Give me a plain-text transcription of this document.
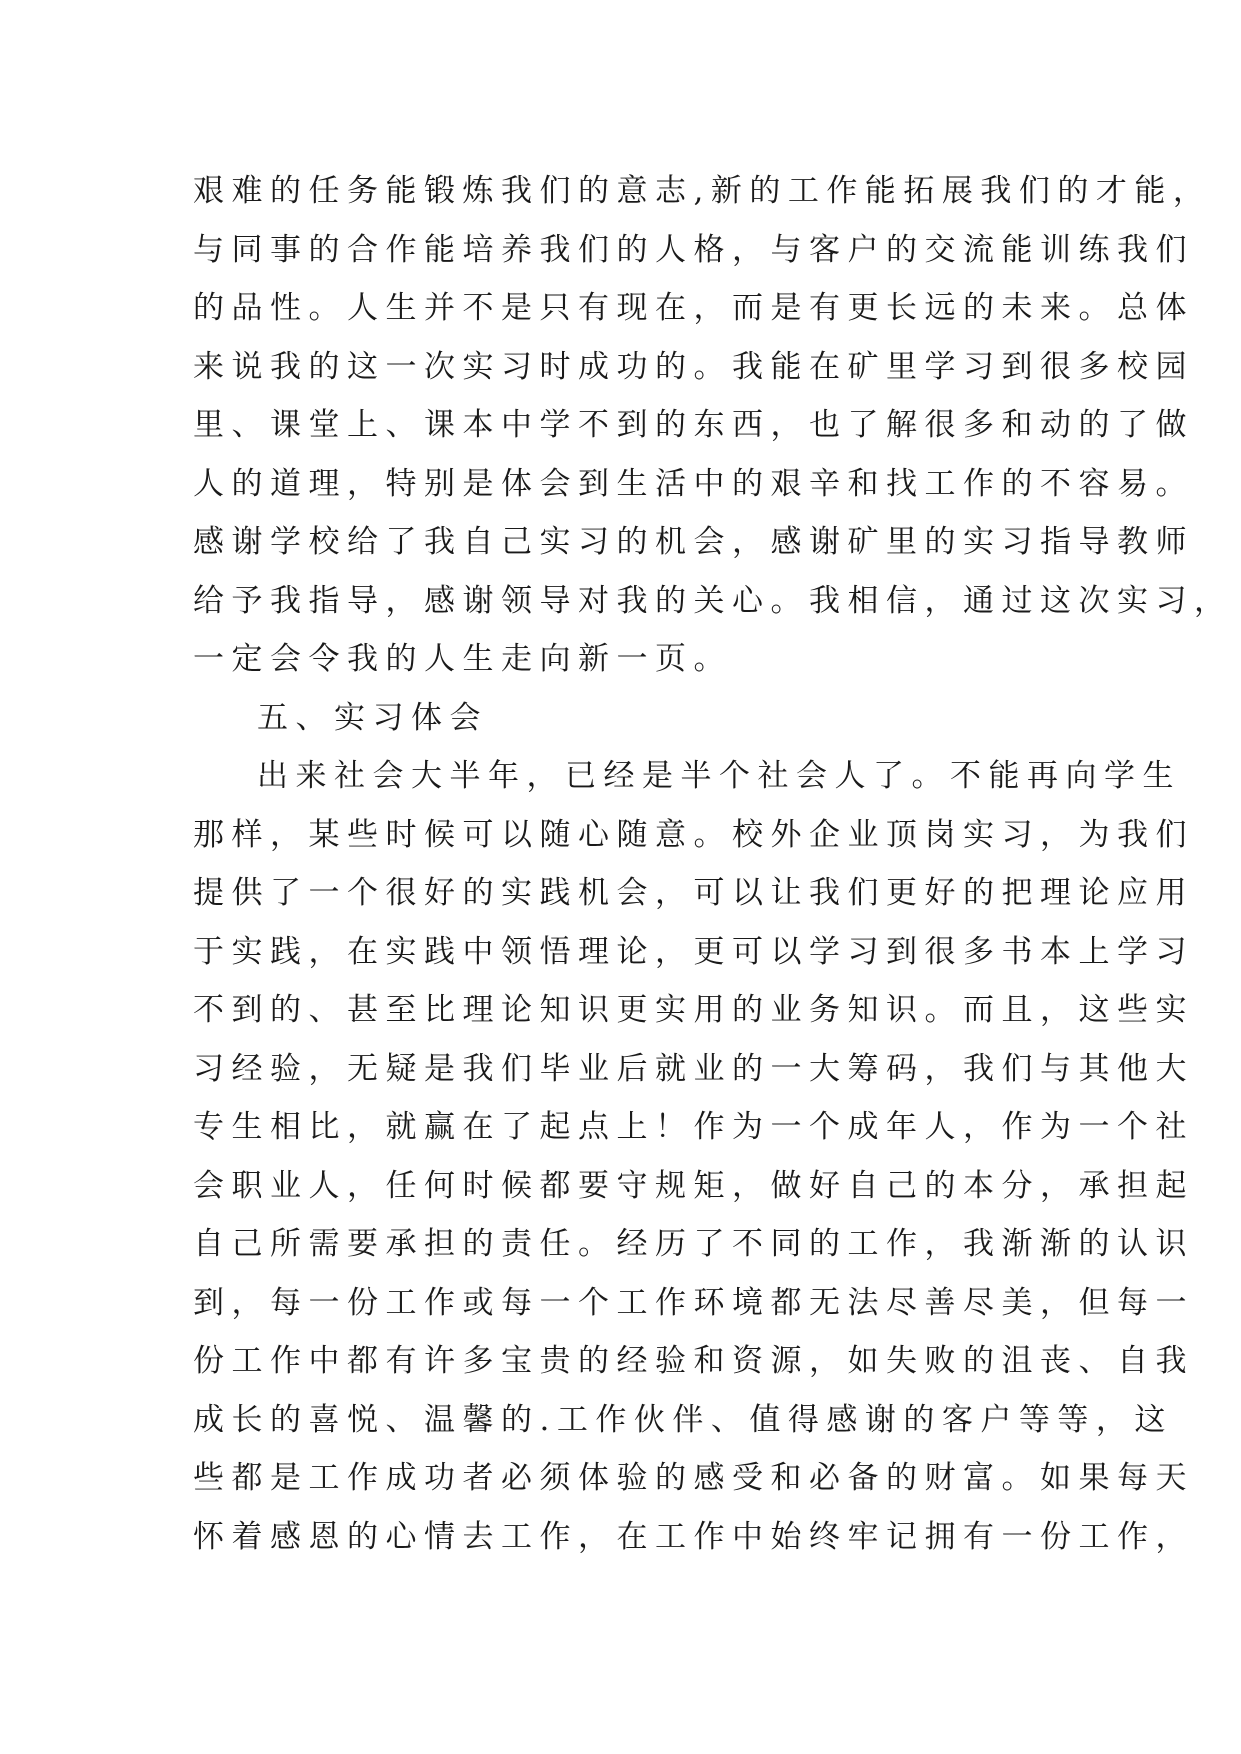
艰难的任务能锻炼我们的意志,新的工作能拓展我们的才能，
与同事的合作能培养我们的人格，与客户的交流能训练我们
的品性。人生并不是只有现在，而是有更长远的未来。总体
来说我的这一次实习时成功的。我能在矿里学习到很多校园
里、课堂上、课本中学不到的东西，也了解很多和动的了做
人的道理，特别是体会到生活中的艰辛和找工作的不容易。
感谢学校给了我自己实习的机会，感谢矿里的实习指导教师
给予我指导，感谢领导对我的关心。我相信，通过这次实习，
一定会令我的人生走向新一页。
五、实习体会
出来社会大半年，已经是半个社会人了。不能再向学生
那样，某些时候可以随心随意。校外企业顶岗实习，为我们
提供了一个很好的实践机会，可以让我们更好的把理论应用
于实践，在实践中领悟理论，更可以学习到很多书本上学习
不到的、甚至比理论知识更实用的业务知识。而且，这些实
习经验，无疑是我们毕业后就业的一大筹码，我们与其他大
专生相比，就赢在了起点上！作为一个成年人，作为一个社
会职业人，任何时候都要守规矩，做好自己的本分，承担起
自己所需要承担的责任。经历了不同的工作，我渐渐的认识
到，每一份工作或每一个工作环境都无法尽善尽美，但每一
份工作中都有许多宝贵的经验和资源，如失败的沮丧、自我
成长的喜悦、温馨的.工作伙伴、值得感谢的客户等等，这
些都是工作成功者必须体验的感受和必备的财富。如果每天
怀着感恩的心情去工作，在工作中始终牢记拥有一份工作，
